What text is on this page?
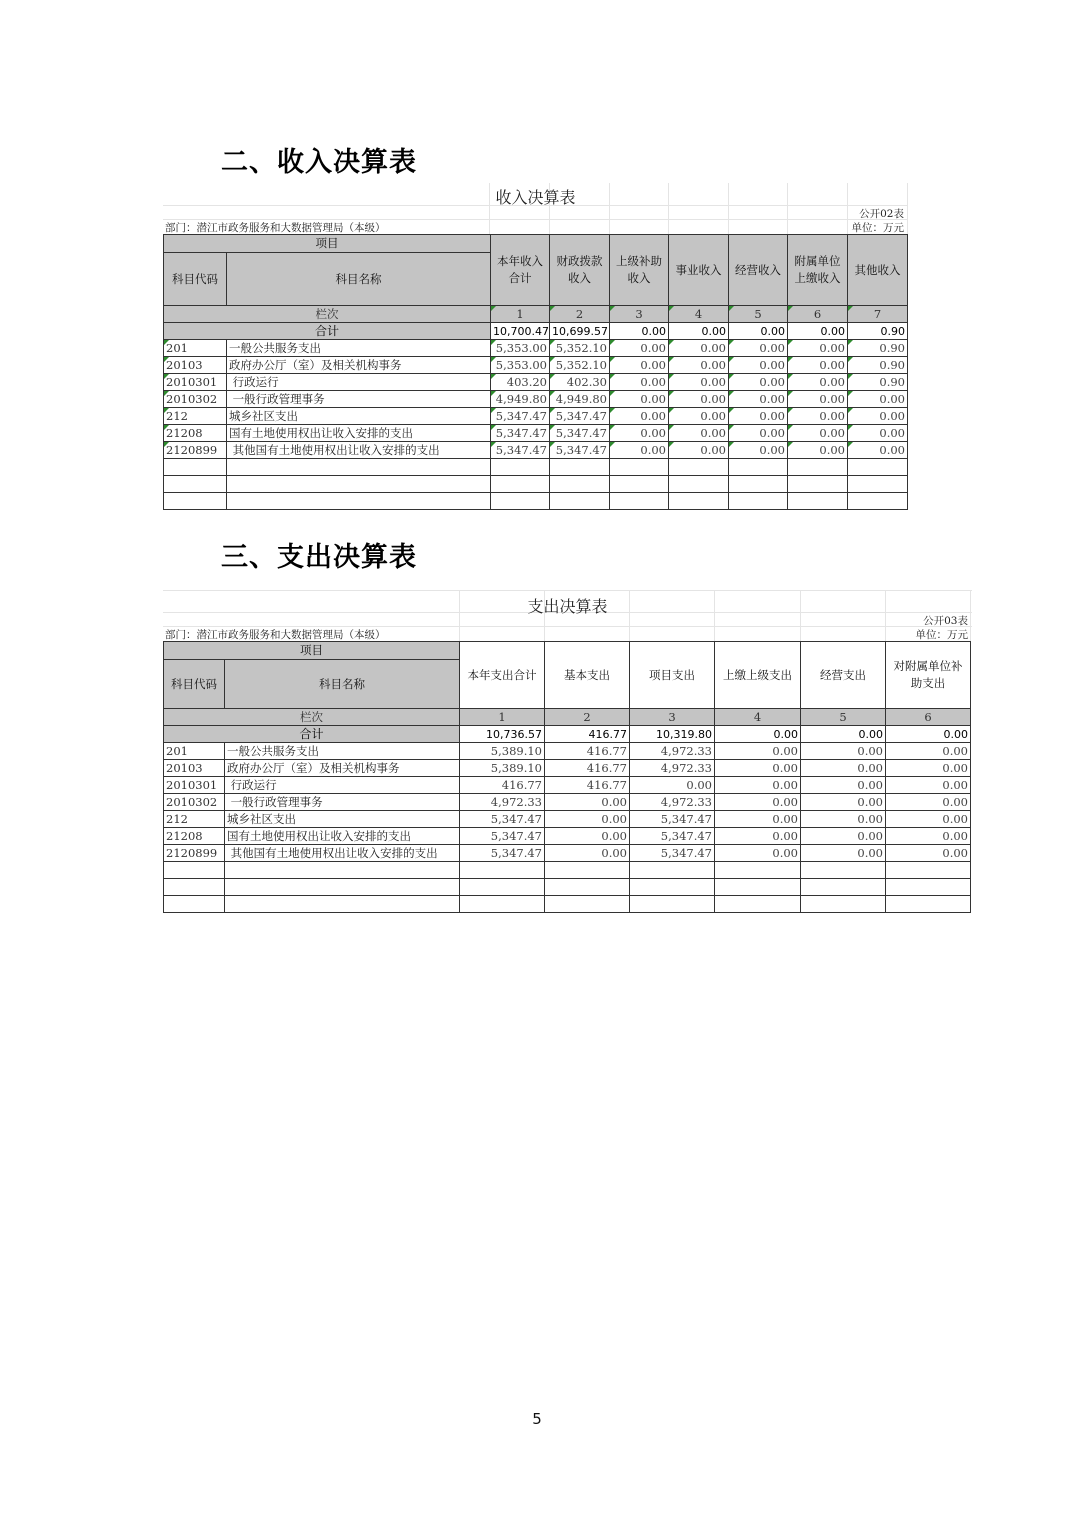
二、收入决算表
收入决算表
公开02表
单位：万元
部门：潜江市政务服务和大数据管理局（本级）
项目		本年收入合计	财政拨款收入	上级补助收入	事业收入	经营收入	附属单位上缴收入	其他收入
科目代码	科目名称							
栏次		1	2	3	4	5	6	7
合计		10,700.47	10,699.57	0.00	0.00	0.00	0.00	0.90
201	一般公共服务支出	5,353.00	5,352.10	0.00	0.00	0.00	0.00	0.90
20103	政府办公厅（室）及相关机构事务	5,353.00	5,352.10	0.00	0.00	0.00	0.00	0.90
2010301	行政运行	403.20	402.30	0.00	0.00	0.00	0.00	0.90
2010302	一般行政管理事务	4,949.80	4,949.80	0.00	0.00	0.00	0.00	0.00
212	城乡社区支出	5,347.47	5,347.47	0.00	0.00	0.00	0.00	0.00
21208	国有土地使用权出让收入安排的支出	5,347.47	5,347.47	0.00	0.00	0.00	0.00	0.00
2120899	其他国有土地使用权出让收入安排的支出	5,347.47	5,347.47	0.00	0.00	0.00	0.00	0.00

三、支出决算表
支出决算表
公开03表
单位：万元
部门：潜江市政务服务和大数据管理局（本级）
项目		本年支出合计	基本支出	项目支出	上缴上级支出	经营支出	对附属单位补助支出
科目代码	科目名称						
栏次		1	2	3	4	5	6
合计		10,736.57	416.77	10,319.80	0.00	0.00	0.00
201	一般公共服务支出	5,389.10	416.77	4,972.33	0.00	0.00	0.00
20103	政府办公厅（室）及相关机构事务	5,389.10	416.77	4,972.33	0.00	0.00	0.00
2010301	行政运行	416.77	416.77	0.00	0.00	0.00	0.00
2010302	一般行政管理事务	4,972.33	0.00	4,972.33	0.00	0.00	0.00
212	城乡社区支出	5,347.47	0.00	5,347.47	0.00	0.00	0.00
21208	国有土地使用权出让收入安排的支出	5,347.47	0.00	5,347.47	0.00	0.00	0.00
2120899	其他国有土地使用权出让收入安排的支出	5,347.47	0.00	5,347.47	0.00	0.00	0.00

5
